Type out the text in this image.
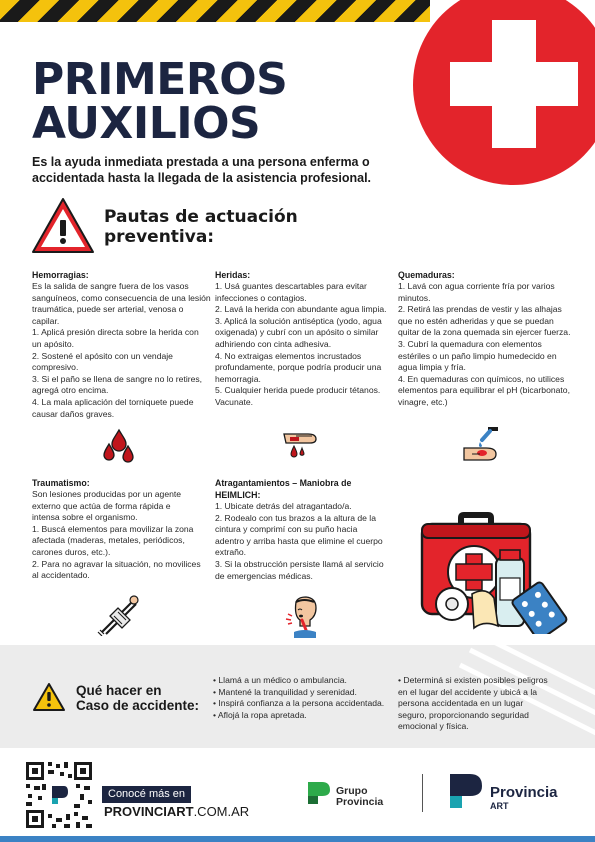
PRIMEROS
AUXILIOS

Es la ayuda inmediata prestada a una persona enferma o accidentada hasta la llegada de la asistencia profesional.

Pautas de actuación
preventiva:
Hemorragias:

Es la salida de sangre fuera de los vasos

sanguíneos, como consecuencia de una lesión

traumática, puede ser arterial, venosa o capilar.

1. Aplicá presión directa sobre la herida con

un apósito.

2. Sostené el apósito con un vendaje compresivo.

3. Si el paño se llena de sangre no lo retires,

agregá otro encima.

4. La mala aplicación del torniquete puede

causar daños graves.

Heridas:

1. Usá guantes descartables para evitar

infecciones o contagios.

2. Lavá la herida con abundante agua limpia.

3. Aplicá la solución antiséptica (yodo, agua

oxigenada) y cubrí con un apósito o similar

adhiriendo con cinta adhesiva.

4. No extraigas elementos incrustados

profundamente, porque podría producir una

hemorragia.

5. Cualquier herida puede producir tétanos.

Vacunate.

Quemaduras:

1. Lavá con agua corriente fría por varios minutos.

2. Retirá las prendas de vestir y las alhajas

que no estén adheridas y que se puedan

quitar de la zona quemada sin ejercer fuerza.

3. Cubrí la quemadura con elementos

estériles o un paño limpio humedecido en

agua limpia y fría.

4. En quemaduras con químicos, no utilices

elementos para equilibrar el pH (bicarbonato,

vinagre, etc.)

Traumatismo:

Son lesiones producidas por un agente

externo que actúa de forma rápida e

intensa sobre el organismo.

1. Buscá elementos para movilizar la zona

afectada (maderas, metales, periódicos,

carones duros, etc.).

2. Para no agravar la situación, no movilices

al accidentado.

Atragantamientos – Maniobra de
HEIMLICH:

1. Ubicate detrás del atragantado/a.

2. Rodealo con tus brazos a la altura de la

cintura y comprimí con su puño hacia

adentro y arriba hasta que elimine el cuerpo

extraño.

3. Si la obstrucción persiste llamá al servicio

de emergencias médicas.

Qué hacer en
Caso de accidente:

• Llamá a un médico o ambulancia.

• Mantené la tranquilidad y serenidad.

• Inspirá confianza a la persona accidentada.

• Aflojá la ropa apretada.

• Determiná si existen posibles peligros

en el lugar del accidente y ubicá a la

persona accidentada en un lugar

seguro, proporcionando seguridad

emocional y física.

Conocé más en
PROVINCIART.COM.AR
Grupo
Provincia
Provincia
ART
